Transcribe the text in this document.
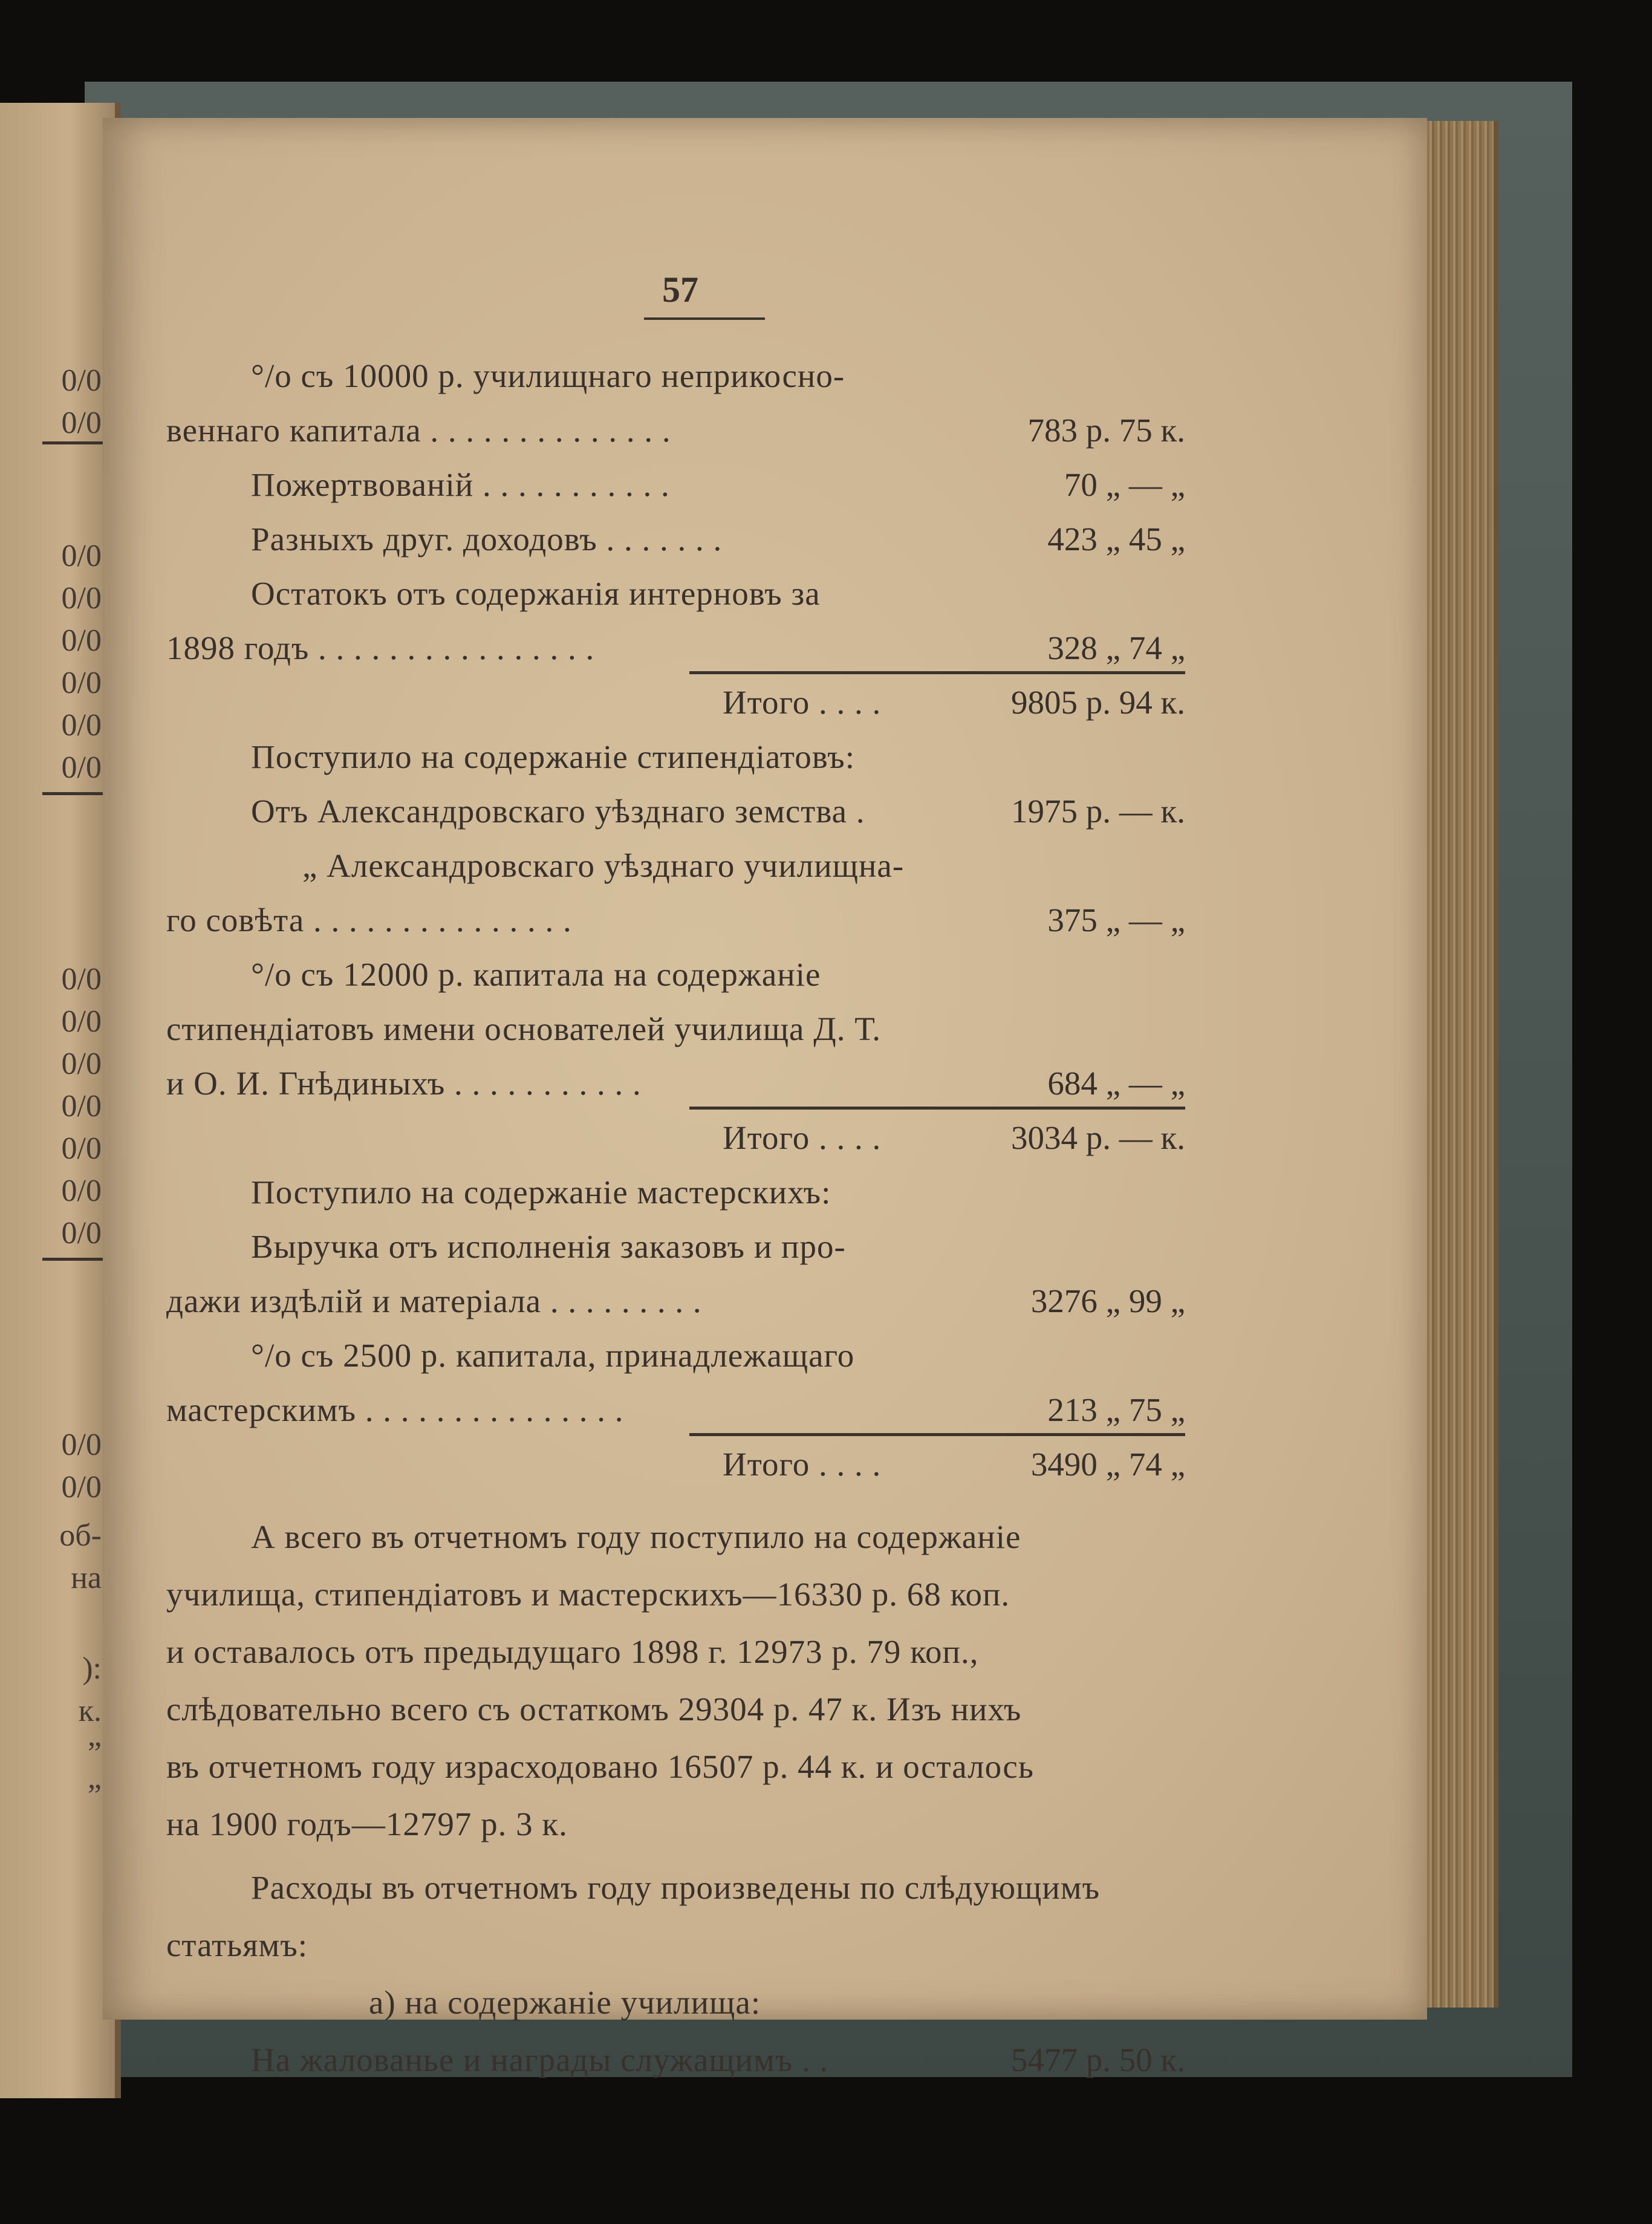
0/0
0/0
0/0
0/0
0/0
0/0
0/0
0/0
0/0
0/0
0/0
0/0
0/0
0/0
0/0
0/0
0/0
об-
на
):
к.
”
”
57
°/o съ 10000 р. училищнаго неприкосно-
веннаго капитала . . . . . . . . . . . . . .	783 р. 75 к.
Пожертвованій . . . . . . . . . . .	70 „ — „
Разныхъ друг. доходовъ . . . . . . .	423 „ 45 „
Остатокъ отъ содержанія интерновъ за
1898 годъ . . . . . . . . . . . . . . . .	328 „ 74 „
Итого . . . .	9805 р. 94 к.
Поступило на содержаніе стипендіатовъ:
Отъ Александровскаго уѣзднаго земства .	1975 р. — к.
„ Александровскаго уѣзднаго училищна-
го совѣта . . . . . . . . . . . . . . .	375 „ — „
°/o съ 12000 р. капитала на содержаніе
стипендіатовъ имени основателей училища Д. Т.
и О. И. Гнѣдиныхъ . . . . . . . . . . .	684 „ — „
Итого . . . .	3034 р. — к.
Поступило на содержаніе мастерскихъ:
Выручка отъ исполненія заказовъ и про-
дажи издѣлій и матеріала . . . . . . . . .	3276 „ 99 „
°/o съ 2500 р. капитала, принадлежащаго
мастерскимъ . . . . . . . . . . . . . . .	213 „ 75 „
Итого . . . .	3490 „ 74 „
А всего въ отчетномъ году поступило на содержаніе
училища, стипендіатовъ и мастерскихъ—16330 р. 68 коп.
и оставалось отъ предыдущаго 1898 г. 12973 р. 79 коп.,
слѣдовательно всего съ остаткомъ 29304 р. 47 к. Изъ нихъ
въ отчетномъ году израсходовано 16507 р. 44 к. и осталось
на 1900 годъ—12797 р. 3 к.
Расходы въ отчетномъ году произведены по слѣдующимъ
статьямъ:
а) на содержаніе училища:
На жалованье и награды служащимъ . .	5477 р. 50 к.
